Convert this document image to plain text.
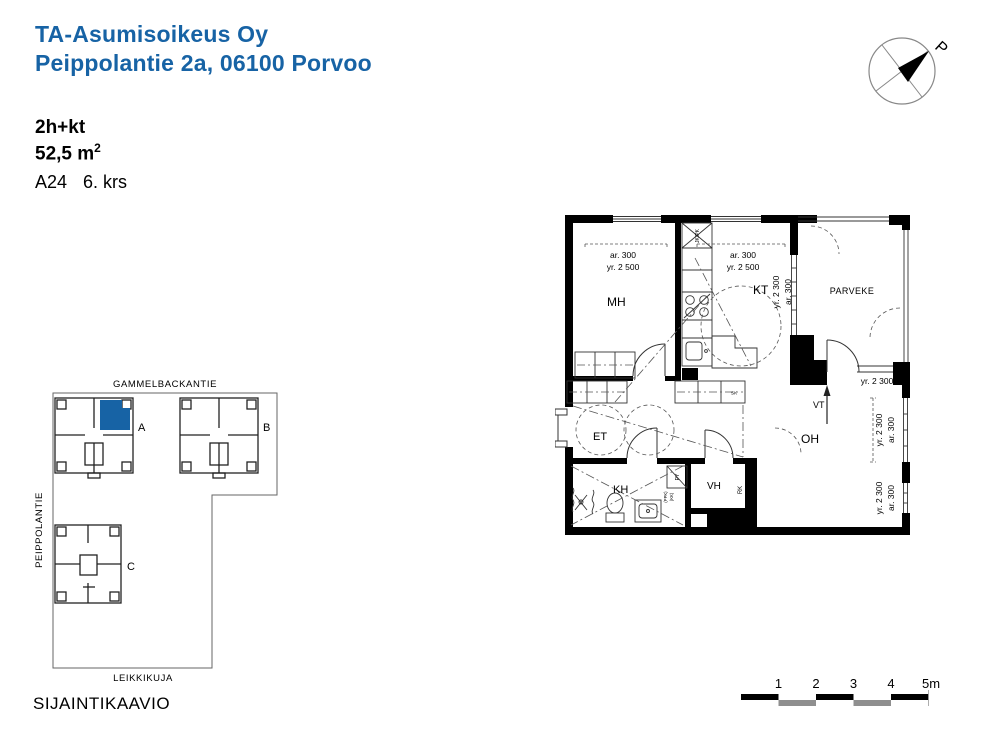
TA-Asumisoikeus Oy
Peippolantie 2a, 06100 Porvoo
2h+kt
52,5 $m^2$
A24 6. krs
P
MH
KT	PARVEKE
ET
KH	VH
OH
ar. 300
yr. 2 500
ar. 300
yr. 2 500
yr. 2 300 ar. 300
yr. 2 300
VT
yr. 2 300 ar. 300
yr. 2 300 ar. 300
JK/PK
SK
RK
PY
(PPK) (KK)
GAMMELBACKANTIE
PEIPPOLANTIE
LEIKKIKUJA
A	B
C
SIJAINTIKAAVIO
1 2 3 4 5m
